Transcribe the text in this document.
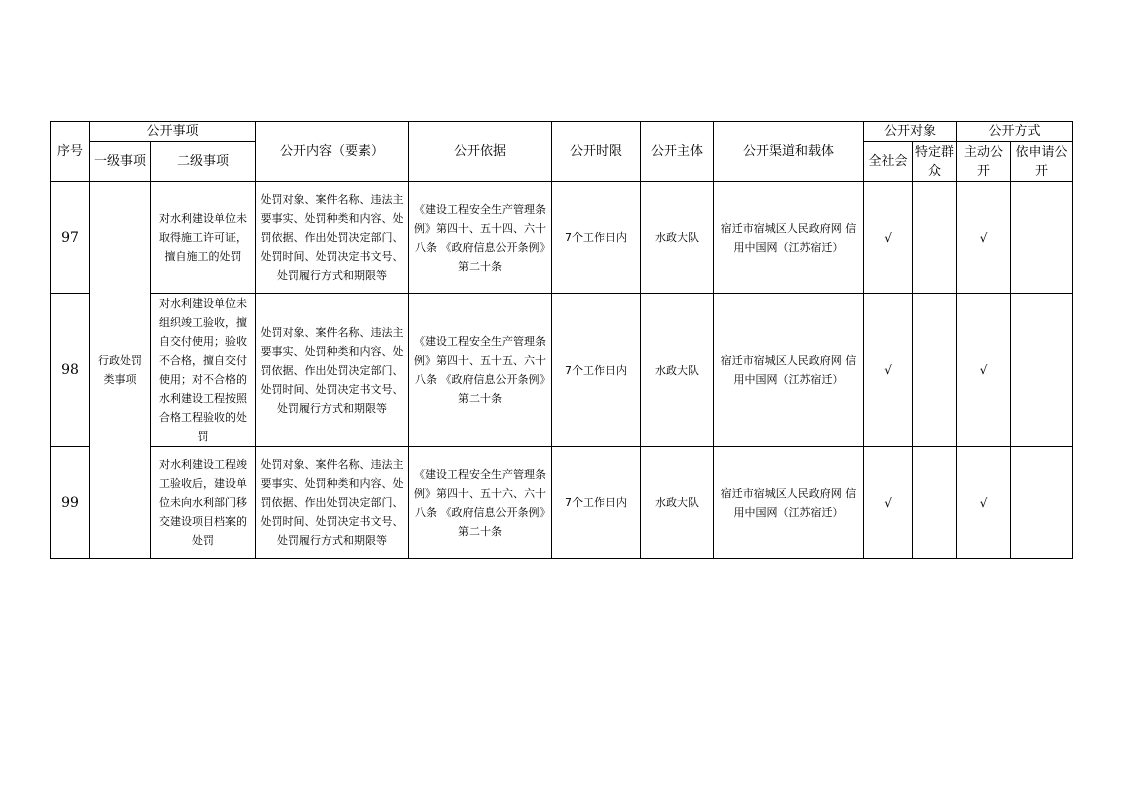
序号	公开事项		公开内容（要素）	公开依据	公开时限	公开主体	公开渠道和载体	公开对象		公开方式	
	一级事项	二级事项						全社会	特定群众	主动公开	依申请公开
97	行政处罚类事项	对水利建设单位未取得施工许可证，擅自施工的处罚	处罚对象、案件名称、违法主要事实、处罚种类和内容、处罚依据、作出处罚决定部门、处罚时间、处罚决定书文号、处罚履行方式和期限等	《建设工程安全生产管理条例》第四十、五十四、六十八条 《政府信息公开条例》第二十条	7个工作日内	水政大队	宿迁市宿城区人民政府网 信用中国网（江苏宿迁）	√		√	
98		对水利建设单位未组织竣工验收，擅自交付使用；验收不合格，擅自交付使用；对不合格的水利建设工程按照合格工程验收的处罚	处罚对象、案件名称、违法主要事实、处罚种类和内容、处罚依据、作出处罚决定部门、处罚时间、处罚决定书文号、处罚履行方式和期限等	《建设工程安全生产管理条例》第四十、五十五、六十八条 《政府信息公开条例》第二十条	7个工作日内	水政大队	宿迁市宿城区人民政府网 信用中国网（江苏宿迁）	√		√	
99		对水利建设工程竣工验收后，建设单位未向水利部门移交建设项目档案的处罚	处罚对象、案件名称、违法主要事实、处罚种类和内容、处罚依据、作出处罚决定部门、处罚时间、处罚决定书文号、处罚履行方式和期限等	《建设工程安全生产管理条例》第四十、五十六、六十八条 《政府信息公开条例》第二十条	7个工作日内	水政大队	宿迁市宿城区人民政府网 信用中国网（江苏宿迁）	√		√	
